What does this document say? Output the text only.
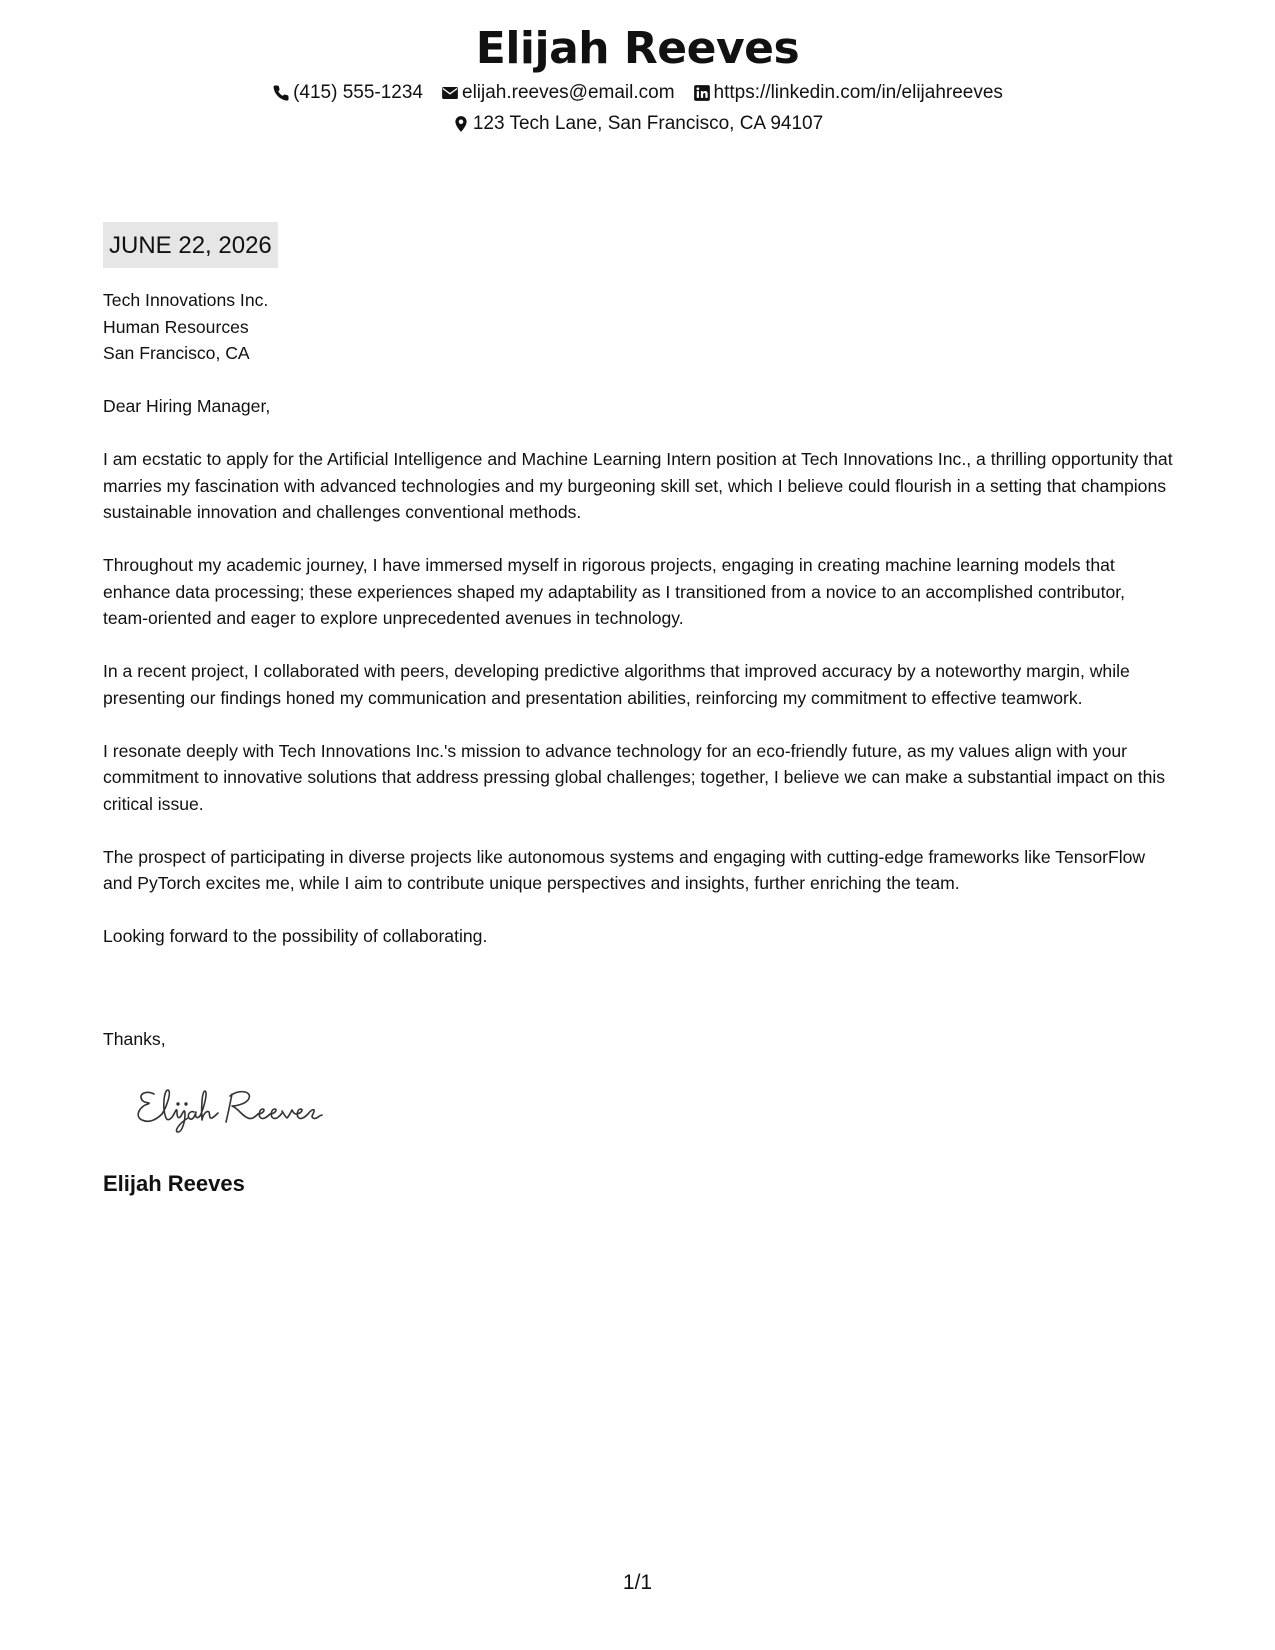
Elijah Reeves
(415) 555-1234 elijah.reeves@email.com https://linkedin.com/in/elijahreeves
123 Tech Lane, San Francisco, CA 94107
JUNE 22, 2026
Tech Innovations Inc.
Human Resources
San Francisco, CA

Dear Hiring Manager,

I am ecstatic to apply for the Artificial Intelligence and Machine Learning Intern position at Tech Innovations Inc., a thrilling opportunity that marries my fascination with advanced technologies and my burgeoning skill set, which I believe could flourish in a setting that champions sustainable innovation and challenges conventional methods.

Throughout my academic journey, I have immersed myself in rigorous projects, engaging in creating machine learning models that enhance data processing; these experiences shaped my adaptability as I transitioned from a novice to an accomplished contributor, team-oriented and eager to explore unprecedented avenues in technology.

In a recent project, I collaborated with peers, developing predictive algorithms that improved accuracy by a noteworthy margin, while presenting our findings honed my communication and presentation abilities, reinforcing my commitment to effective teamwork.

I resonate deeply with Tech Innovations Inc.'s mission to advance technology for an eco-friendly future, as my values align with your commitment to innovative solutions that address pressing global challenges; together, I believe we can make a substantial impact on this critical issue.

The prospect of participating in diverse projects like autonomous systems and engaging with cutting-edge frameworks like TensorFlow and PyTorch excites me, while I aim to contribute unique perspectives and insights, further enriching the team.

Looking forward to the possibility of collaborating.

Thanks,
Elijah Reeves
1/1
